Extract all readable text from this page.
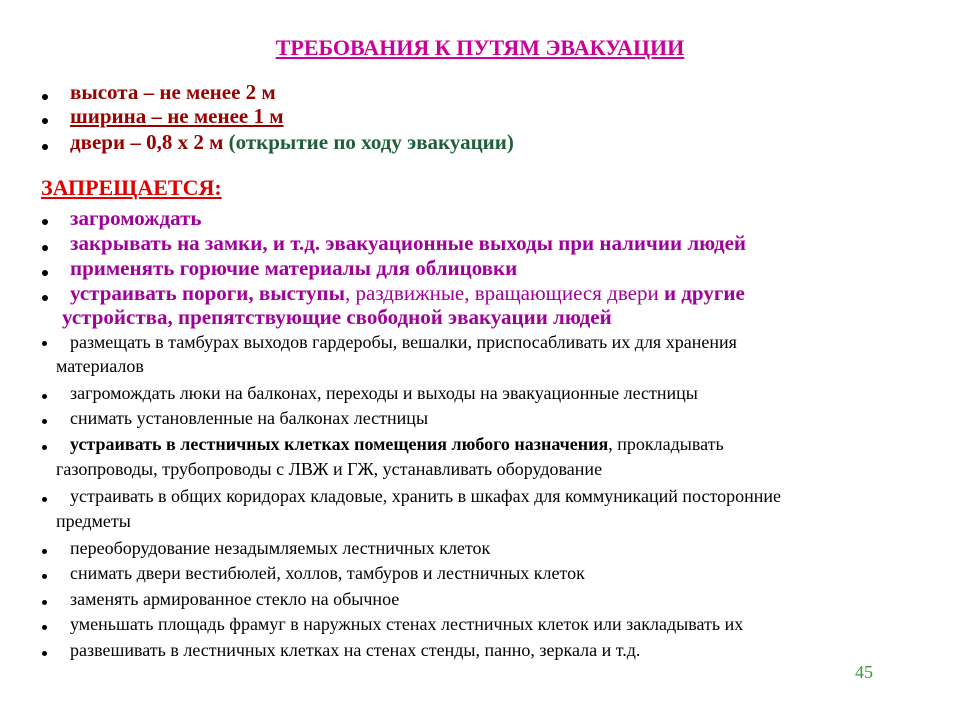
ТРЕБОВАНИЯ К ПУТЯМ ЭВАКУАЦИИ
высота – не менее 2 м
ширина – не менее 1 м
двери – 0,8 х 2 м (открытие по ходу эвакуации)
ЗАПРЕЩАЕТСЯ:
загромождать
закрывать на замки, и т.д. эвакуационные выходы при наличии людей
применять горючие материалы для облицовки
устраивать пороги, выступы, раздвижные, вращающиеся двери и другие
устройства, препятствующие свободной эвакуации людей
размещать в тамбурах выходов гардеробы, вешалки, приспосабливать их для хранения
материалов
загромождать люки на балконах, переходы и выходы на эвакуационные лестницы
снимать установленные на балконах лестницы
устраивать в лестничных клетках помещения любого назначения, прокладывать
газопроводы, трубопроводы с ЛВЖ и ГЖ, устанавливать оборудование
устраивать в общих коридорах кладовые, хранить в шкафах для коммуникаций посторонние
предметы
переоборудование незадымляемых лестничных клеток
снимать двери вестибюлей, холлов, тамбуров и лестничных клеток
заменять армированное стекло на обычное
уменьшать площадь фрамуг в наружных стенах лестничных клеток или закладывать их
развешивать в лестничных клетках на стенах стенды, панно, зеркала и т.д.
45
